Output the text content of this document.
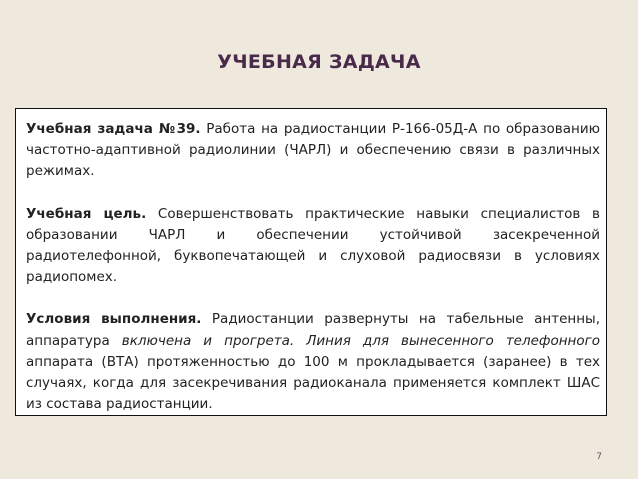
УЧЕБНАЯ ЗАДАЧА

Учебная задача №39. Работа на радиостанции Р-166-05Д-А по образованию частотно-адаптивной радиолинии (ЧАРЛ) и обеспечению связи в различных режимах.

Учебная цель. Совершенствовать практические навыки специалистов в образовании ЧАРЛ и обеспечении устойчивой засекреченной радиотелефонной, буквопечатающей и слуховой радиосвязи в условиях радиопомех.

Условия выполнения. Радиостанции развернуты на табельные антенны, аппаратура включена и прогрета. Линия для вынесенного телефонного аппарата (ВТА) протяженностью до 100 м прокладывается (заранее) в тех случаях, когда для засекречивания радиоканала применяется комплект ШАС из состава радиостанции.

7
